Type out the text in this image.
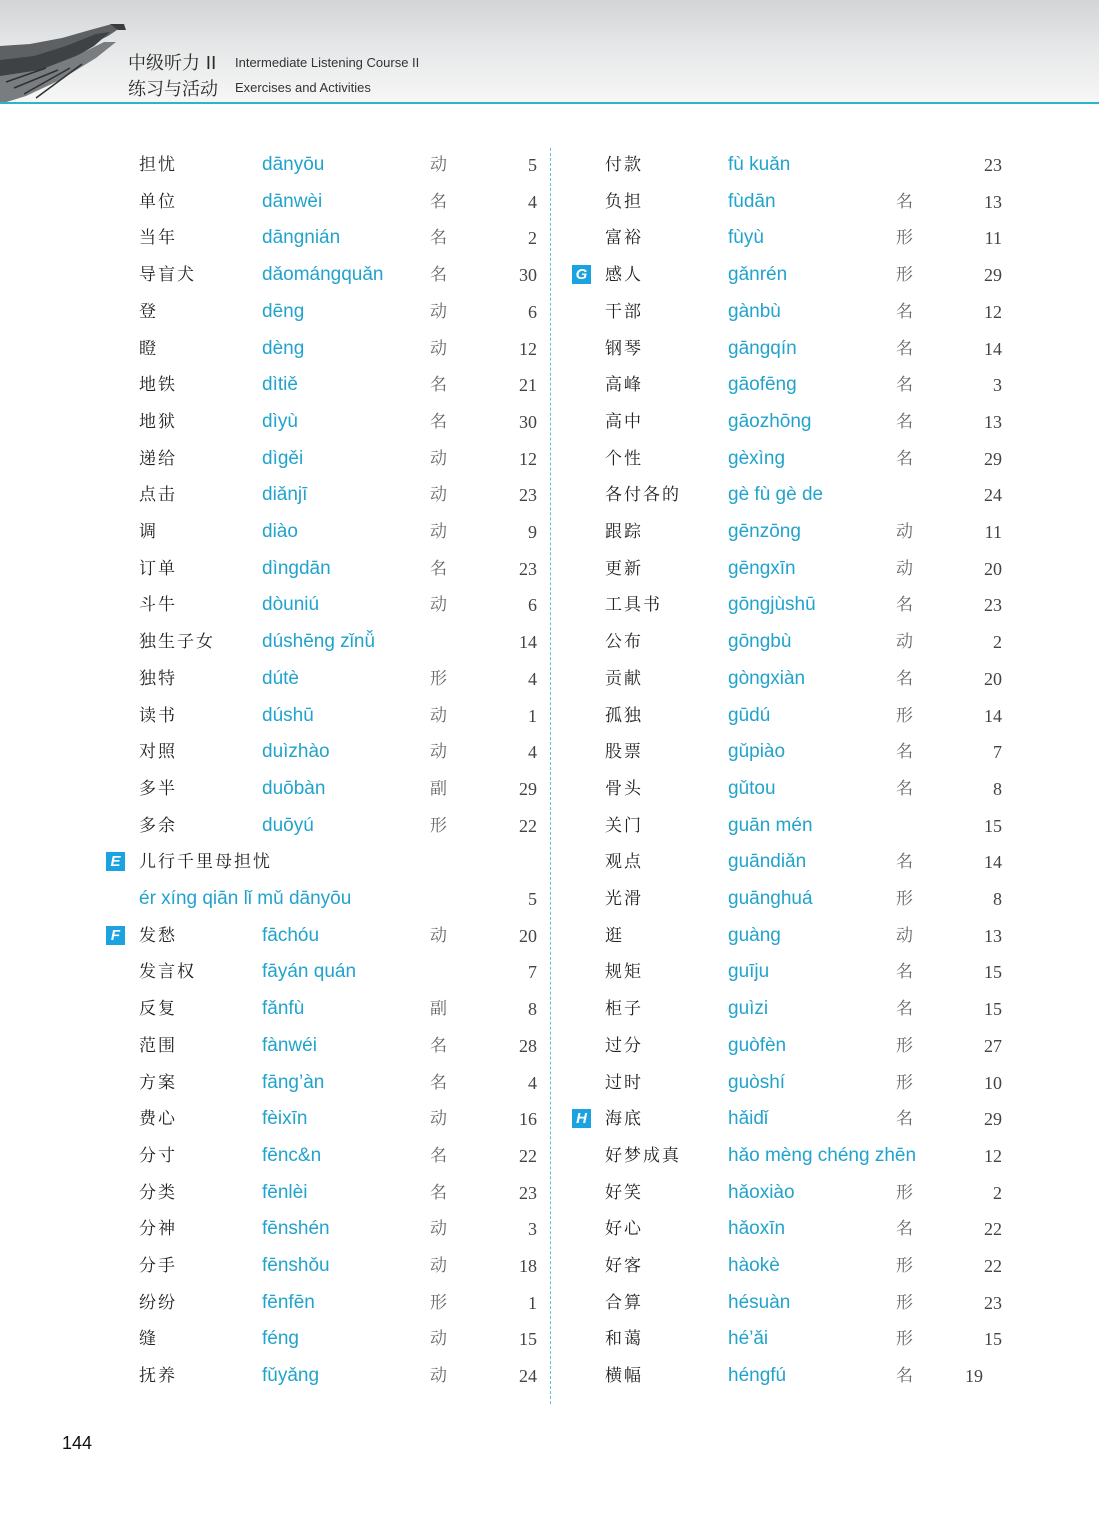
中级听力 II Intermediate Listening Course II
练习与活动 Exercises and Activities
担忧	dānyōu	动	5
单位	dānwèi	名	4
当年	dāngnián	名	2
导盲犬	dǎomángquǎn	名	30
登	dēng	动	6
瞪	dèng	动	12
地铁	dìtiě	名	21
地狱	dìyù	名	30
递给	dìgěi	动	12
点击	diǎnjī	动	23
调	diào	动	9
订单	dìngdān	名	23
斗牛	dòuniú	动	6
独生子女 dúshēng zǐnǚ	14
独特	dútè	形	4
读书	dúshū	动	1
对照	duìzhào	动	4
多半	duōbàn	副	29
多余	duōyú	形	22
E 儿行千里母担忧
ér xíng qiān lǐ mǔ dānyōu	5
F 发愁	fāchóu	动	20
发言权	fāyán quán	7
反复	fǎnfù	副	8
范围	fànwéi	名	28
方案	fāng’àn	名	4
费心	fèixīn	动	16
分寸	fēnc&n	名	22
分类	fēnlèi	名	23
分神	fēnshén	动	3
分手	fēnshǒu	动	18
纷纷	fēnfēn	形	1
缝	féng	动	15
抚养	fǔyǎng	动	24
付款	fù kuǎn	23
负担	fùdān	名	13
富裕	fùyù	形	11
G 感人	gǎnrén	形	29
干部	gànbù	名	12
钢琴	gāngqín	名	14
高峰	gāofēng	名	3
高中	gāozhōng	名	13
个性	gèxìng	名	29
各付各的 gè fù gè de	24
跟踪	gēnzōng	动	11
更新	gēngxīn	动	20
工具书	gōngjùshū	名	23
公布	gōngbù	动	2
贡献	gòngxiàn	名	20
孤独	gūdú	形	14
股票	gǔpiào	名	7
骨头	gǔtou	名	8
关门	guān mén	15
观点	guāndiǎn	名	14
光滑	guānghuá	形	8
逛	guàng	动	13
规矩	guīju	名	15
柜子	guìzi	名	15
过分	guòfèn	形	27
过时	guòshí	形	10
H 海底	hǎidǐ	名	29
好梦成真 hǎo mèng chéng zhēn	12
好笑	hǎoxiào	形	2
好心	hǎoxīn	名	22
好客	hàokè	形	22
合算	hésuàn	形	23
和蔼	hé’ǎi	形	15
横幅	héngfú	名	19
144
